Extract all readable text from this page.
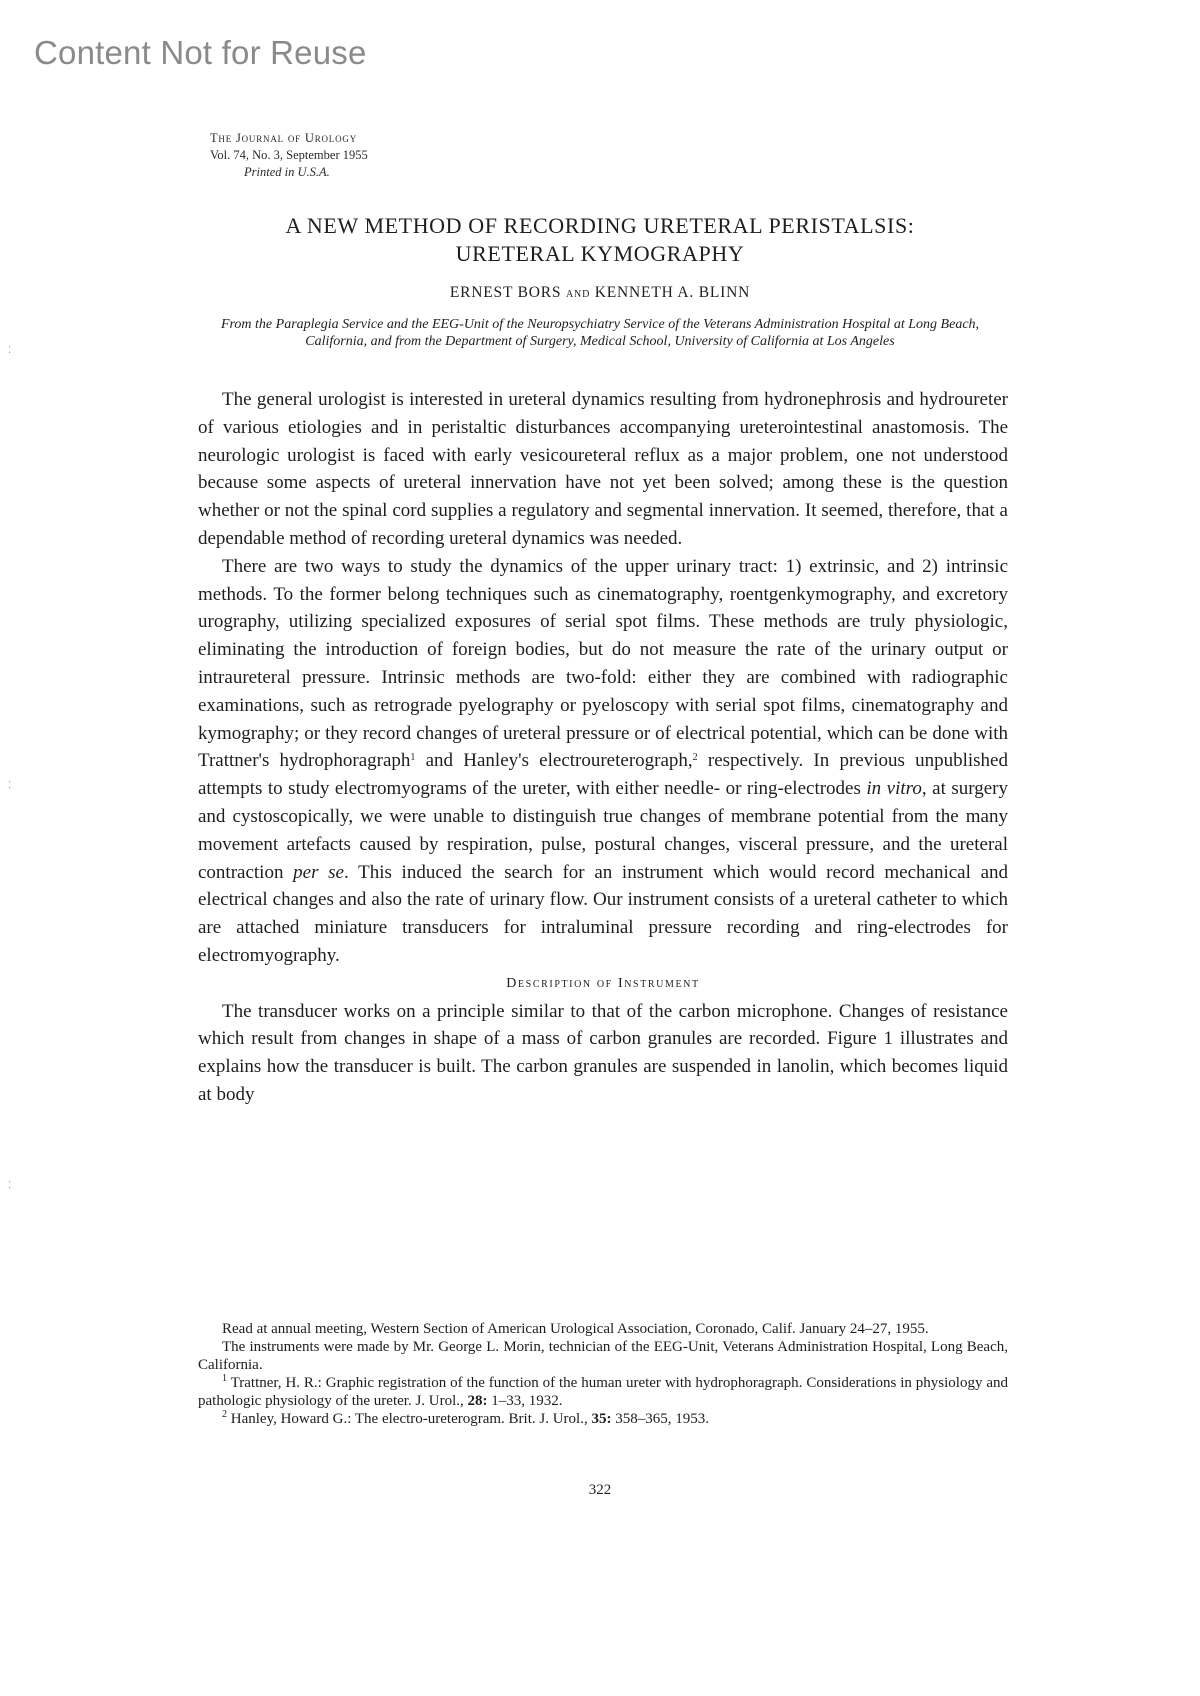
Content Not for Reuse
The Journal of Urology
Vol. 74, No. 3, September 1955
Printed in U.S.A.
A NEW METHOD OF RECORDING URETERAL PERISTALSIS:
URETERAL KYMOGRAPHY
ERNEST BORS and KENNETH A. BLINN
From the Paraplegia Service and the EEG-Unit of the Neuropsychiatry Service of the Veterans Administration Hospital at Long Beach, California, and from the Department of Surgery, Medical School, University of California at Los Angeles

The general urologist is interested in ureteral dynamics resulting from hydronephrosis and hydroureter of various etiologies and in peristaltic disturbances accompanying ureterointestinal anastomosis. The neurologic urologist is faced with early vesicoureteral reflux as a major problem, one not understood because some aspects of ureteral innervation have not yet been solved; among these is the question whether or not the spinal cord supplies a regulatory and segmental innervation. It seemed, therefore, that a dependable method of recording ureteral dynamics was needed.

There are two ways to study the dynamics of the upper urinary tract: 1) extrinsic, and 2) intrinsic methods. To the former belong techniques such as cinematography, roentgenkymography, and excretory urography, utilizing specialized exposures of serial spot films. These methods are truly physiologic, eliminating the introduction of foreign bodies, but do not measure the rate of the urinary output or intraureteral pressure. Intrinsic methods are two-fold: either they are combined with radiographic examinations, such as retrograde pyelography or pyeloscopy with serial spot films, cinematography and kymography; or they record changes of ureteral pressure or of electrical potential, which can be done with Trattner's hydrophoragraph$^1$ and Hanley's electroureterograph,$^2$ respectively. In previous unpublished attempts to study electromyograms of the ureter, with either needle- or ring-electrodes in vitro, at surgery and cystoscopically, we were unable to distinguish true changes of membrane potential from the many movement artefacts caused by respiration, pulse, postural changes, visceral pressure, and the ureteral contraction per se. This induced the search for an instrument which would record mechanical and electrical changes and also the rate of urinary flow. Our instrument consists of a ureteral catheter to which are attached miniature transducers for intraluminal pressure recording and ring-electrodes for electromyography.

Description of Instrument

The transducer works on a principle similar to that of the carbon microphone. Changes of resistance which result from changes in shape of a mass of carbon granules are recorded. Figure 1 illustrates and explains how the transducer is built. The carbon granules are suspended in lanolin, which becomes liquid at body

Read at annual meeting, Western Section of American Urological Association, Coronado, Calif. January 24–27, 1955.

The instruments were made by Mr. George L. Morin, technician of the EEG-Unit, Veterans Administration Hospital, Long Beach, California.

$^1$ Trattner, H. R.: Graphic registration of the function of the human ureter with hydrophoragraph. Considerations in physiology and pathologic physiology of the ureter. J. Urol., 28: 1–33, 1932.

$^2$ Hanley, Howard G.: The electro-ureterogram. Brit. J. Urol., 35: 358–365, 1953.

322
⁚
⁚
⁚
